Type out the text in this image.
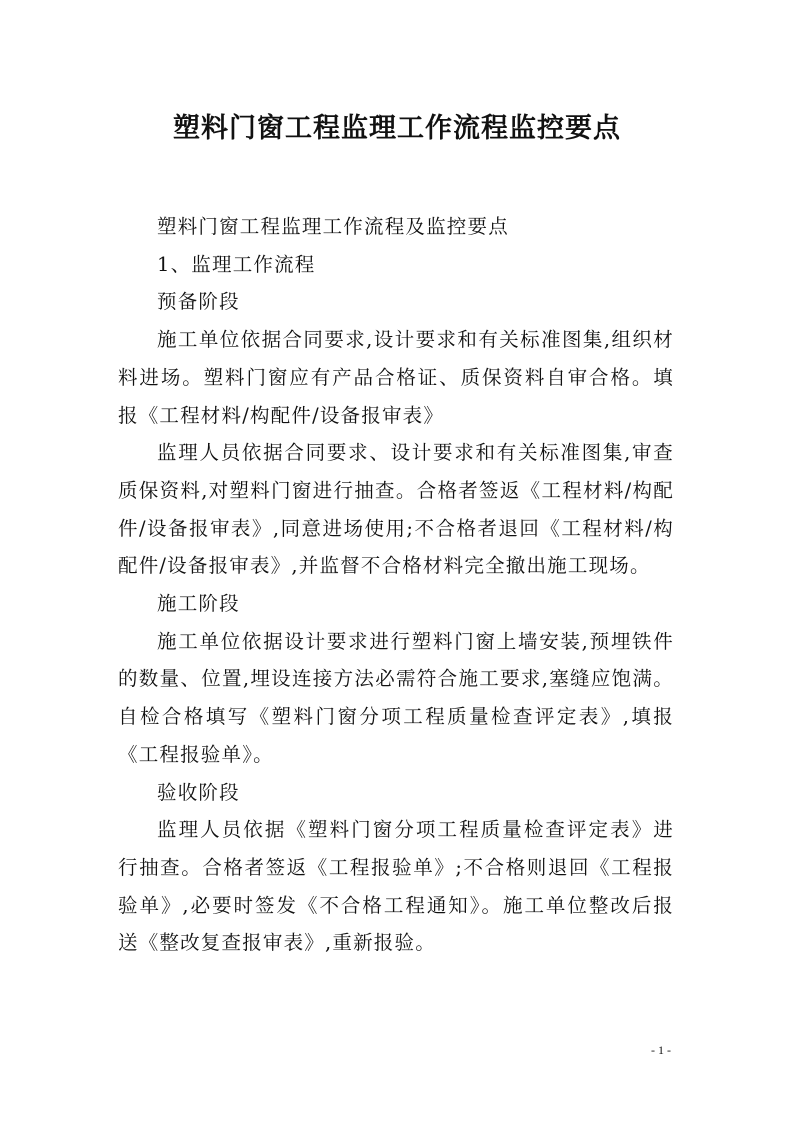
塑料门窗工程监理工作流程监控要点

塑料门窗工程监理工作流程及监控要点

1、监理工作流程

预备阶段

施工单位依据合同要求,设计要求和有关标准图集,组织材料进场。塑料门窗应有产品合格证、质保资料自审合格。填报《工程材料/构配件/设备报审表》

监理人员依据合同要求、设计要求和有关标准图集,审查质保资料,对塑料门窗进行抽查。合格者签返《工程材料/构配件/设备报审表》,同意进场使用;不合格者退回《工程材料/构配件/设备报审表》,并监督不合格材料完全撤出施工现场。

施工阶段

施工单位依据设计要求进行塑料门窗上墙安装,预埋铁件的数量、位置,埋设连接方法必需符合施工要求,塞缝应饱满。自检合格填写《塑料门窗分项工程质量检查评定表》,填报《工程报验单》。

验收阶段

监理人员依据《塑料门窗分项工程质量检查评定表》进行抽查。合格者签返《工程报验单》;不合格则退回《工程报验单》,必要时签发《不合格工程通知》。施工单位整改后报送《整改复查报审表》,重新报验。

- 1 -
